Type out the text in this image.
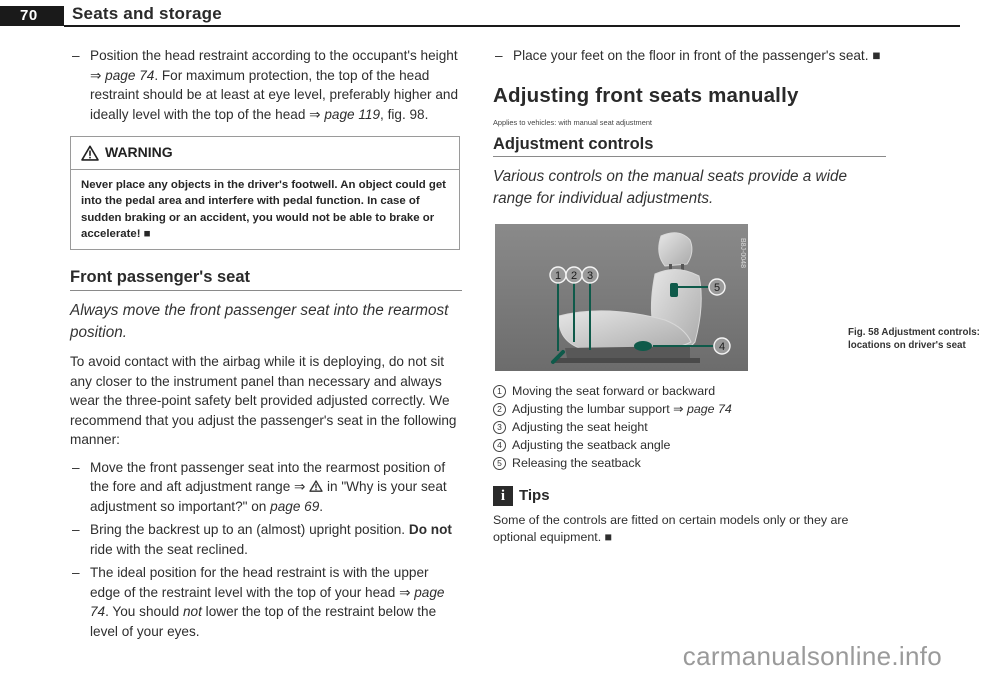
70 Seats and storage
– Position the head restraint according to the occupant's height ⇒ page 74. For maximum protection, the top of the head restraint should be at least at eye level, preferably higher and ideally level with the top of the head ⇒ page 119, fig. 98.
WARNING
Never place any objects in the driver's footwell. An object could get into the pedal area and interfere with pedal function. In case of sudden braking or an accident, you would not be able to brake or accelerate! ■
Front passenger's seat
Always move the front passenger seat into the rearmost position.
To avoid contact with the airbag while it is deploying, do not sit any closer to the instrument panel than necessary and always wear the three-point safety belt provided adjusted correctly. We recommend that you adjust the passenger's seat in the following manner:
– Move the front passenger seat into the rearmost position of the fore and aft adjustment range ⇒  in "Why is your seat adjustment so important?" on page 69.
– Bring the backrest up to an (almost) upright position. Do not ride with the seat reclined.
– The ideal position for the head restraint is with the upper edge of the restraint level with the top of your head ⇒ page 74. You should not lower the top of the restraint below the level of your eyes.
– Place your feet on the floor in front of the passenger's seat. ■
Adjusting front seats manually
Applies to vehicles: with manual seat adjustment
Adjustment controls
Various controls on the manual seats provide a wide range for individual adjustments.
1 2 3
4
5
B8J-0048
Fig. 58 Adjustment controls: locations on driver's seat
1 Moving the seat forward or backward
2 Adjusting the lumbar support ⇒ page 74
3 Adjusting the seat height
4 Adjusting the seatback angle
5 Releasing the seatback
i Tips
Some of the controls are fitted on certain models only or they are optional equipment. ■
carmanualsonline.info
